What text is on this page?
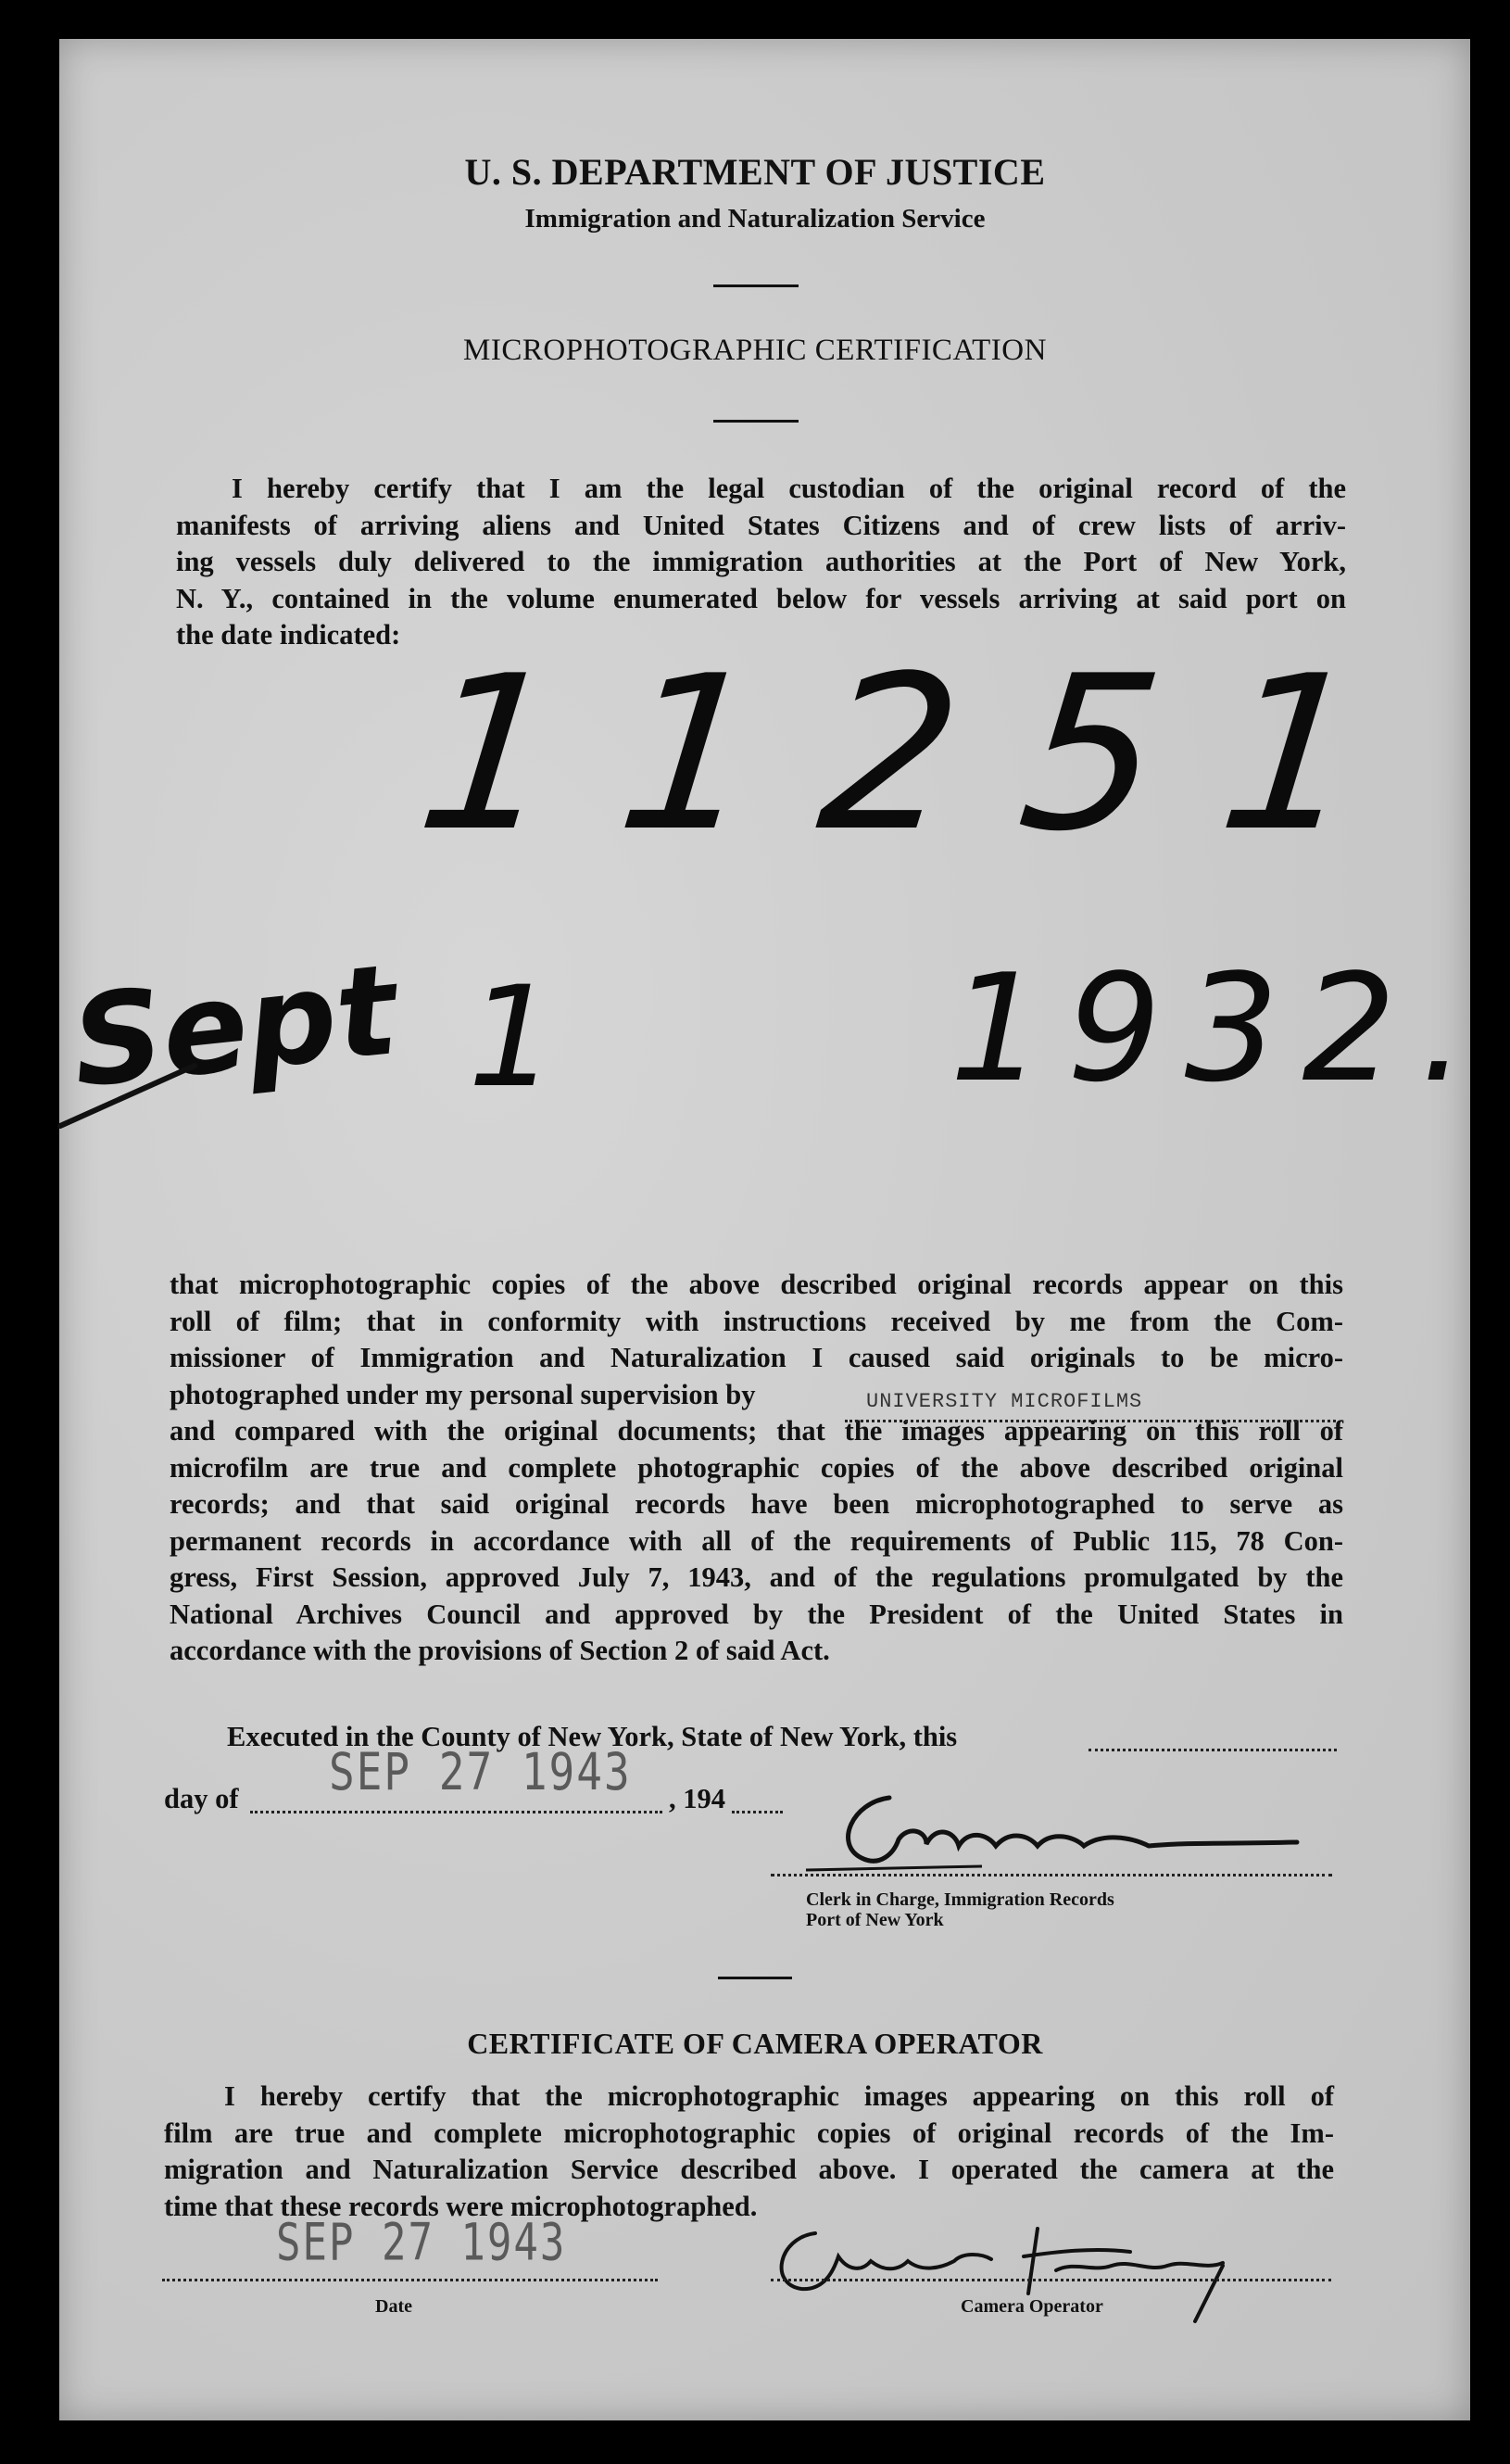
U. S. DEPARTMENT OF JUSTICE
Immigration and Naturalization Service
MICROPHOTOGRAPHIC CERTIFICATION
I hereby certify that I am the legal custodian of the original record of the
manifests of arriving aliens and United States Citizens and of crew lists of arriv-
ing vessels duly delivered to the immigration authorities at the Port of New York,
N. Y., contained in the volume enumerated below for vessels arriving at said port on
the date indicated: 11251
Sept 1	1932.
that microphotographic copies of the above described original records appear on this
roll of film; that in conformity with instructions received by me from the Com-
missioner of Immigration and Naturalization I caused said originals to be micro-
photographed under my personal supervision by
and compared with the original documents; that the images appearing on this roll of
microfilm are true and complete photographic copies of the above described original
records; and that said original records have been microphotographed to serve as
permanent records in accordance with all of the requirements of Public 115, 78 Con-
gress, First Session, approved July 7, 1943, and of the regulations promulgated by the
National Archives Council and approved by the President of the United States in
accordance with the provisions of Section 2 of said Act.
UNIVERSITY MICROFILMS
Executed in the County of New York, State of New York, this
day of	, 194
SEP 27 1943
Clerk in Charge, Immigration Records
Port of New York
CERTIFICATE OF CAMERA OPERATOR
I hereby certify that the microphotographic images appearing on this roll of
film are true and complete microphotographic copies of original records of the Im-
migration and Naturalization Service described above. I operated the camera at the
time that these records were microphotographed.
SEP 27 1943
Date	Camera Operator
